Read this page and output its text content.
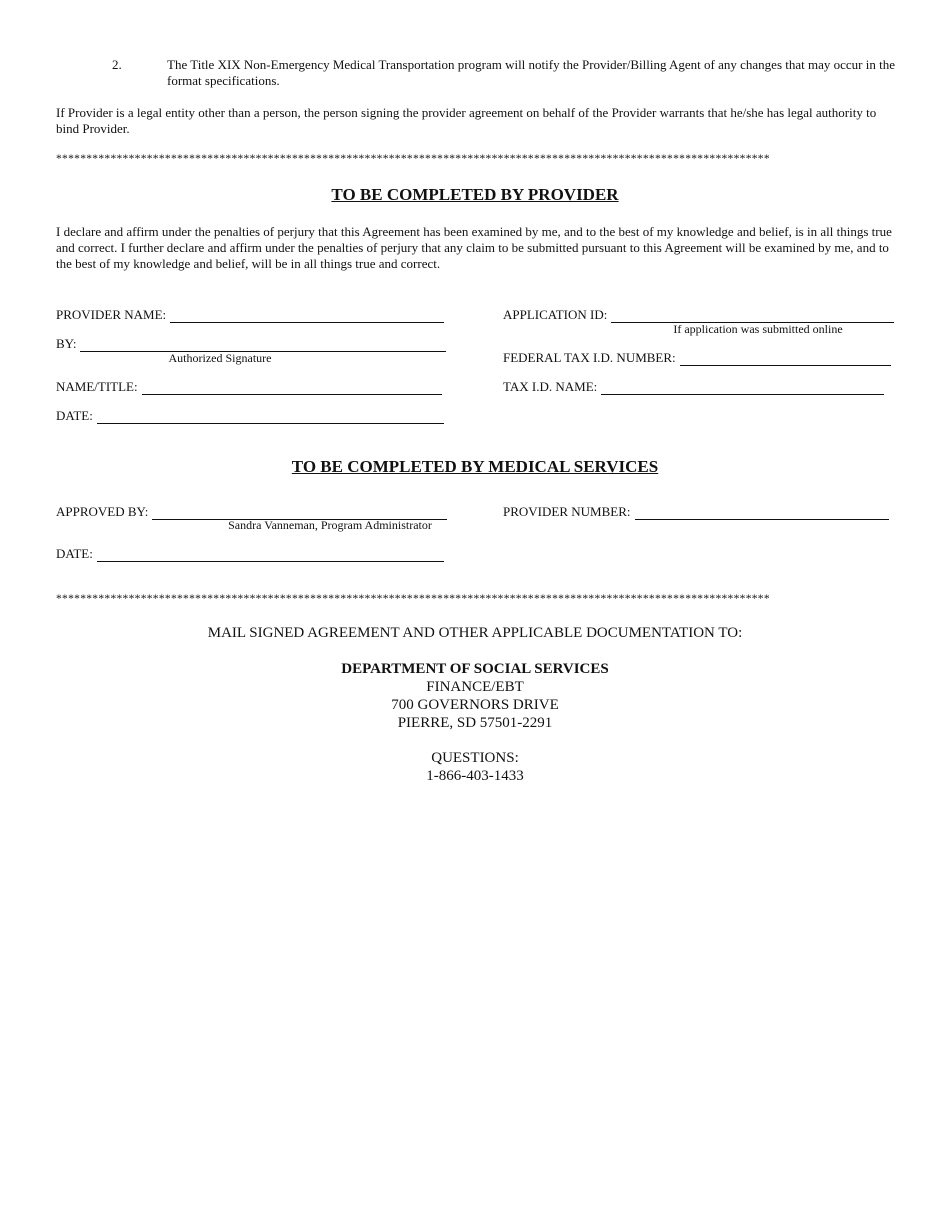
2.	The Title XIX Non-Emergency Medical Transportation program will notify the Provider/Billing Agent of any changes that may occur in the format specifications.
If Provider is a legal entity other than a person, the person signing the provider agreement on behalf of the Provider warrants that he/she has legal authority to bind Provider.
**********************************************************************************************************************
TO BE COMPLETED BY PROVIDER
I declare and affirm under the penalties of perjury that this Agreement has been examined by me, and to the best of my knowledge and belief, is in all things true and correct. I further declare and affirm under the penalties of perjury that any claim to be submitted pursuant to this Agreement will be examined by me, and to the best of my knowledge and belief, will be in all things true and correct.
PROVIDER NAME:
BY:
Authorized Signature
NAME/TITLE:
DATE:
APPLICATION ID:
If application was submitted online
FEDERAL TAX I.D. NUMBER:
TAX I.D. NAME:
TO BE COMPLETED BY MEDICAL SERVICES
APPROVED BY:
Sandra Vanneman, Program Administrator
DATE:
PROVIDER NUMBER:
**********************************************************************************************************************
MAIL SIGNED AGREEMENT AND OTHER APPLICABLE DOCUMENTATION TO:
DEPARTMENT OF SOCIAL SERVICES
FINANCE/EBT
700 GOVERNORS DRIVE
PIERRE, SD 57501-2291
QUESTIONS:
1-866-403-1433
